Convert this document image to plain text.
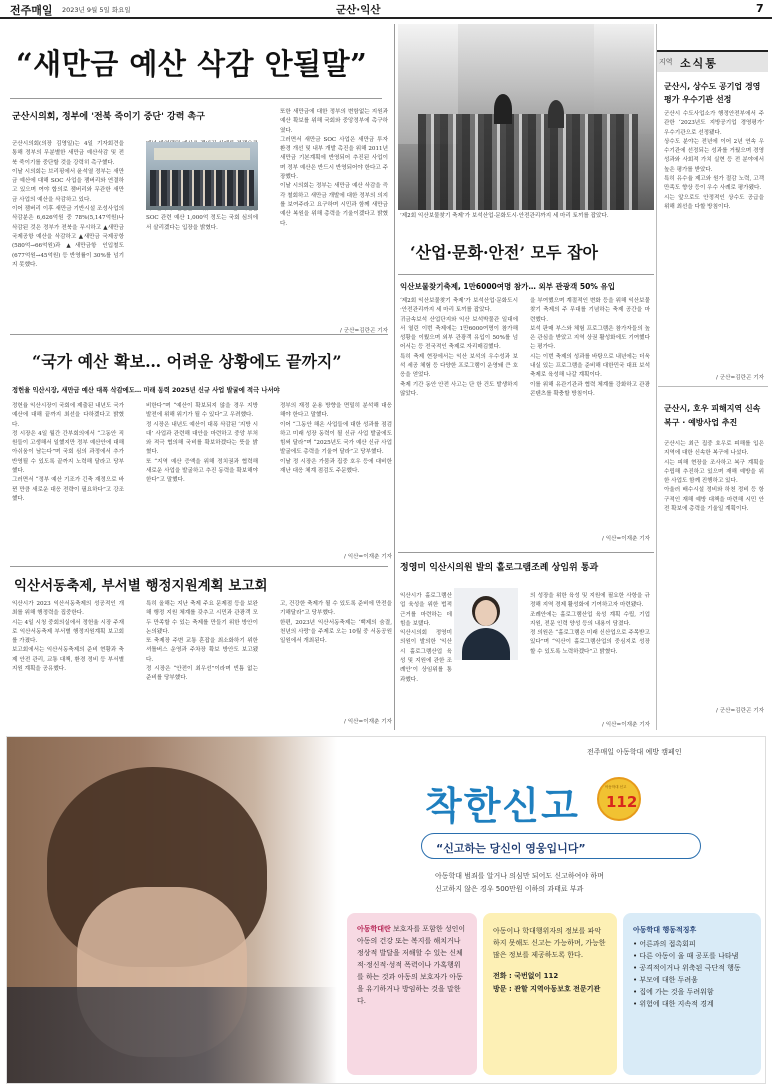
전주매일 2023년 9월 5일 화요일	군산·익산	7
“새만금 예산 삭감 안될말”
군산시의회, 정부에 '전북 죽이기 중단' 강력 촉구
군산시의회(의장 김영일)는 4일 기자회견을 통해 정부의 무분별한 새만금 예산삭감 및 전북 죽이기를 중단할 것을 강력히 촉구했다.
이날 시의회는 브리핑에서 윤석열 정부는 새만금 예산에 대해 SOC 사업을 잼버리와 연결하고 있으며 여야 합의로 잼버리와 무관한 새만금 사업의 예산을 삭감하고 있다.
이어 잼버리 이후 새만금 기반시설 조성사업의 삭감분은 6,626억원 중 78%(5,147억원)나 삭감된 것은 정부가 전북을 무시하고 ▲새만금 국제공항 예산을 삭감하고 ▲새만금 국제공항(580억→66억원)과 ▲새만금항 인입철도(677억원→45억원) 등 반영률이 30%를 넘기지 못했다.

SOC 관련 예산 1,000억 정도는 국회 심의에서 살리겠다는 입장을 밝혔다.
또한 새만금에 대한 정부의 변함없는 지원과 예산 확보를 위해 국회와 중앙정부에 촉구하였다.
그러면서 새만금 SOC 사업은 새만금 투자 환경 개선 및 내부 개발 촉진을 위해 2011년 새만금 기본계획에 반영되어 추진된 사업이며 정부 예산은 반드시 반영되어야 한다고 주장했다.
이날 시의회는 정부는 새만금 예산 삭감을 즉각 철회하고 새만금 개발에 대한 정부의 의지를 보여주라고 요구하며 시민과 함께 새만금 예산 복원을 위해 총력을 기울이겠다고 밝혔다.
/ 군산=김란곤 기자
“국가 예산 확보… 어려운 상황에도 끝까지”
정헌율 익산시장, 새만금 예산 대폭 삭감에도… 미래 동력 2025년 신규 사업 발굴에 적극 나서야
정헌율 익산시장이 국회에 제출된 내년도 국가 예산에 대해 끝까지 최선을 다하겠다고 밝혔다.
정 시장은 4일 월간 간부회의에서 “그동안 직원들이 고생해서 일했지만 정부 예산안에 대해 아쉬움이 남는다”며 국회 심의 과정에서 추가 반영될 수 있도록 끝까지 노력해 달라고 당부했다.
그러면서 “정부 예산 기조가 긴축 재정으로 바뀐 만큼 새로운 대응 전략이 필요하다”고 강조했다.
비한다”며 “예산이 확보되지 않을 경우 지방 발전에 위해 위기가 될 수 있다”고 우려했다.
정 시장은 내년도 예산이 대폭 삭감된 ‘지방 시대’ 사업과 관련해 대안을 마련하고 중앙 부처와 적극 협의해 국비를 확보하겠다는 뜻을 밝혔다.
또 “지역 예산 증액을 위해 정치권과 협력해 새로운 사업을 발굴하고 추진 동력을 확보해야 한다”고 말했다.
정부의 재정 운용 방향을 면밀히 분석해 대응해야 한다고 말했다.
이어 “그동안 해온 사업들에 대한 성과를 점검하고 미래 성장 동력이 될 신규 사업 발굴에도 힘써 달라”며 “2025년도 국가 예산 신규 사업 발굴에도 총력을 기울여 달라”고 당부했다.
이날 정 시장은 가뭄과 집중 호우 등에 대비한 재난 대응 체계 점검도 주문했다.
/ 익산=이재춘 기자
익산서동축제, 부서별 행정지원계획 보고회
익산시가 2023 익산서동축제의 성공적인 개최를 위해 행정력을 집중한다.
시는 4일 시청 중회의실에서 정헌율 시장 주재로 익산서동축제 부서별 행정지원계획 보고회를 가졌다.
보고회에서는 익산서동축제의 준비 현황과 축제 안전 관리, 교통 대책, 환경 정비 등 부서별 지원 계획을 공유했다.
특히 올해는 지난 축제 주요 문제점 등을 보완해 행정 지원 체계를 갖추고 시민과 관광객 모두 만족할 수 있는 축제를 만들기 위한 방안이 논의됐다.
또 축제장 주변 교통 혼잡을 최소화하기 위한 셔틀버스 운영과 주차장 확보 방안도 보고됐다.
정 시장은 “안전이 최우선”이라며 빈틈 없는 준비를 당부했다.
고, 건강한 축제가 될 수 있도록 준비에 만전을 기해달라”고 당부했다.
한편, 2023년 익산서동축제는 ‘백제의 숨결, 천년의 사랑’을 주제로 오는 10월 중 서동공원 일원에서 개최된다.
/ 익산=이재춘 기자
‘제2회 익산보물찾기 축제’가 보석산업·문화도시·안전관리까지 세 마리 토끼를 잡았다.
‘산업·문화·안전’ 모두 잡아
익산보물찾기축제, 1만6000여명 참가… 외부 관광객 50% 유입
‘제2회 익산보물찾기 축제’가 보석산업·문화도시·안전관리까지 세 마리 토끼를 잡았다.
귀금속보석 산업단지와 익산 보석박물관 일대에서 열린 이번 축제에는 1만6000여명이 참가해 성황을 이뤘으며 외부 관광객 유입이 50%를 넘어서는 등 전국적인 축제로 자리매김했다.
특히 축제 현장에서는 익산 보석의 우수성과 보석 세공 체험 등 다양한 프로그램이 운영돼 큰 호응을 얻었다.
축제 기간 동안 안전 사고는 단 한 건도 발생하지 않았다.
을 부여했으며 계절적인 변화 등을 위해 익산보물찾기 축제의 주 무대를 기념하는 축제 공간을 마련했다.
보석 판매 부스와 체험 프로그램은 참가자들의 높은 관심을 받았고 지역 상권 활성화에도 기여했다는 평가다.
시는 이번 축제의 성과를 바탕으로 내년에는 더욱 내실 있는 프로그램을 준비해 대한민국 대표 보석 축제로 육성해 나갈 계획이다.
이를 위해 유관기관과 협력 체계를 강화하고 관광 콘텐츠를 확충할 방침이다.
/ 익산=이재춘 기자
정영미 익산시의원 발의 홀로그램조례 상임위 통과
익산시가 홀로그램산업 육성을 위한 법적 근거를 마련하는 데 힘을 보탰다.
익산시의회 정영미 의원이 발의한 ‘익산시 홀로그램산업 육성 및 지원에 관한 조례안’이 상임위를 통과했다.
의 성장을 위한 육성 및 지원에 필요한 사항을 규정해 지역 경제 활성화에 기여하고자 마련됐다.
조례안에는 홀로그램산업 육성 계획 수립, 기업 지원, 전문 인력 양성 등의 내용이 담겼다.
정 의원은 “홀로그램은 미래 신산업으로 주목받고 있다”며 “익산이 홀로그램산업의 중심지로 성장할 수 있도록 노력하겠다”고 밝혔다.
/ 익산=이재춘 기자
지역 소식통
군산시, 상수도 공기업 경영평가 우수기관 선정
군산시 수도사업소가 행정안전부에서 주관한 ‘2023년도 지방공기업 경영평가’ 우수기관으로 선정됐다.
상수도 분야는 전년에 이어 2년 연속 우수기관에 선정되는 성과를 거뒀으며 경영성과와 사회적 가치 실현 등 전 분야에서 높은 평가를 받았다.
특히 유수율 제고와 원가 절감 노력, 고객 만족도 향상 등이 우수 사례로 평가됐다.
시는 앞으로도 안정적인 상수도 공급을 위해 최선을 다할 방침이다.
/ 군산=김란곤 기자
군산시, 호우 피해지역 신속복구 · 예방사업 추진
군산시는 최근 집중 호우로 피해를 입은 지역에 대한 신속한 복구에 나섰다.
시는 피해 현장을 조사하고 복구 계획을 수립해 추진하고 있으며 재해 예방을 위한 사업도 함께 진행하고 있다.
아울러 배수시설 정비와 하천 정비 등 항구적인 재해 예방 대책을 마련해 시민 안전 확보에 총력을 기울일 계획이다.
/ 군산=김란곤 기자
전주매일 아동학대 예방 캠페인
착한신고	아동학대 신고
112
“신고하는 당신이 영웅입니다”
아동학대 범죄를 알거나 의심만 되어도 신고하여야 하며
신고하지 않은 경우 500만원 이하의 과태료 부과
아동학대란 보호자를 포함한 성인이 아동의 건강 또는 복지를 해치거나 정상적 발달을 저해할 수 있는 신체적·정신적·성적 폭력이나 가혹행위를 하는 것과 아동의 보호자가 아동을 유기하거나 방임하는 것을 말한다.
아동이나 학대행위자의 정보를 파악하지 못해도 신고는 가능하며, 가능한 많은 정보를 제공하도록 한다.
전화 : 국번없이 112
방문 : 관할 지역아동보호 전문기관
아동학대 행동적징후
• 어른과의 접촉회피
• 다른 아동이 울 때 공포를 나타냄
• 공격적이거나 위축된 극단적 행동
• 부모에 대한 두려움
• 집에 가는 것을 두려워함
• 위험에 대한 지속적 경계
